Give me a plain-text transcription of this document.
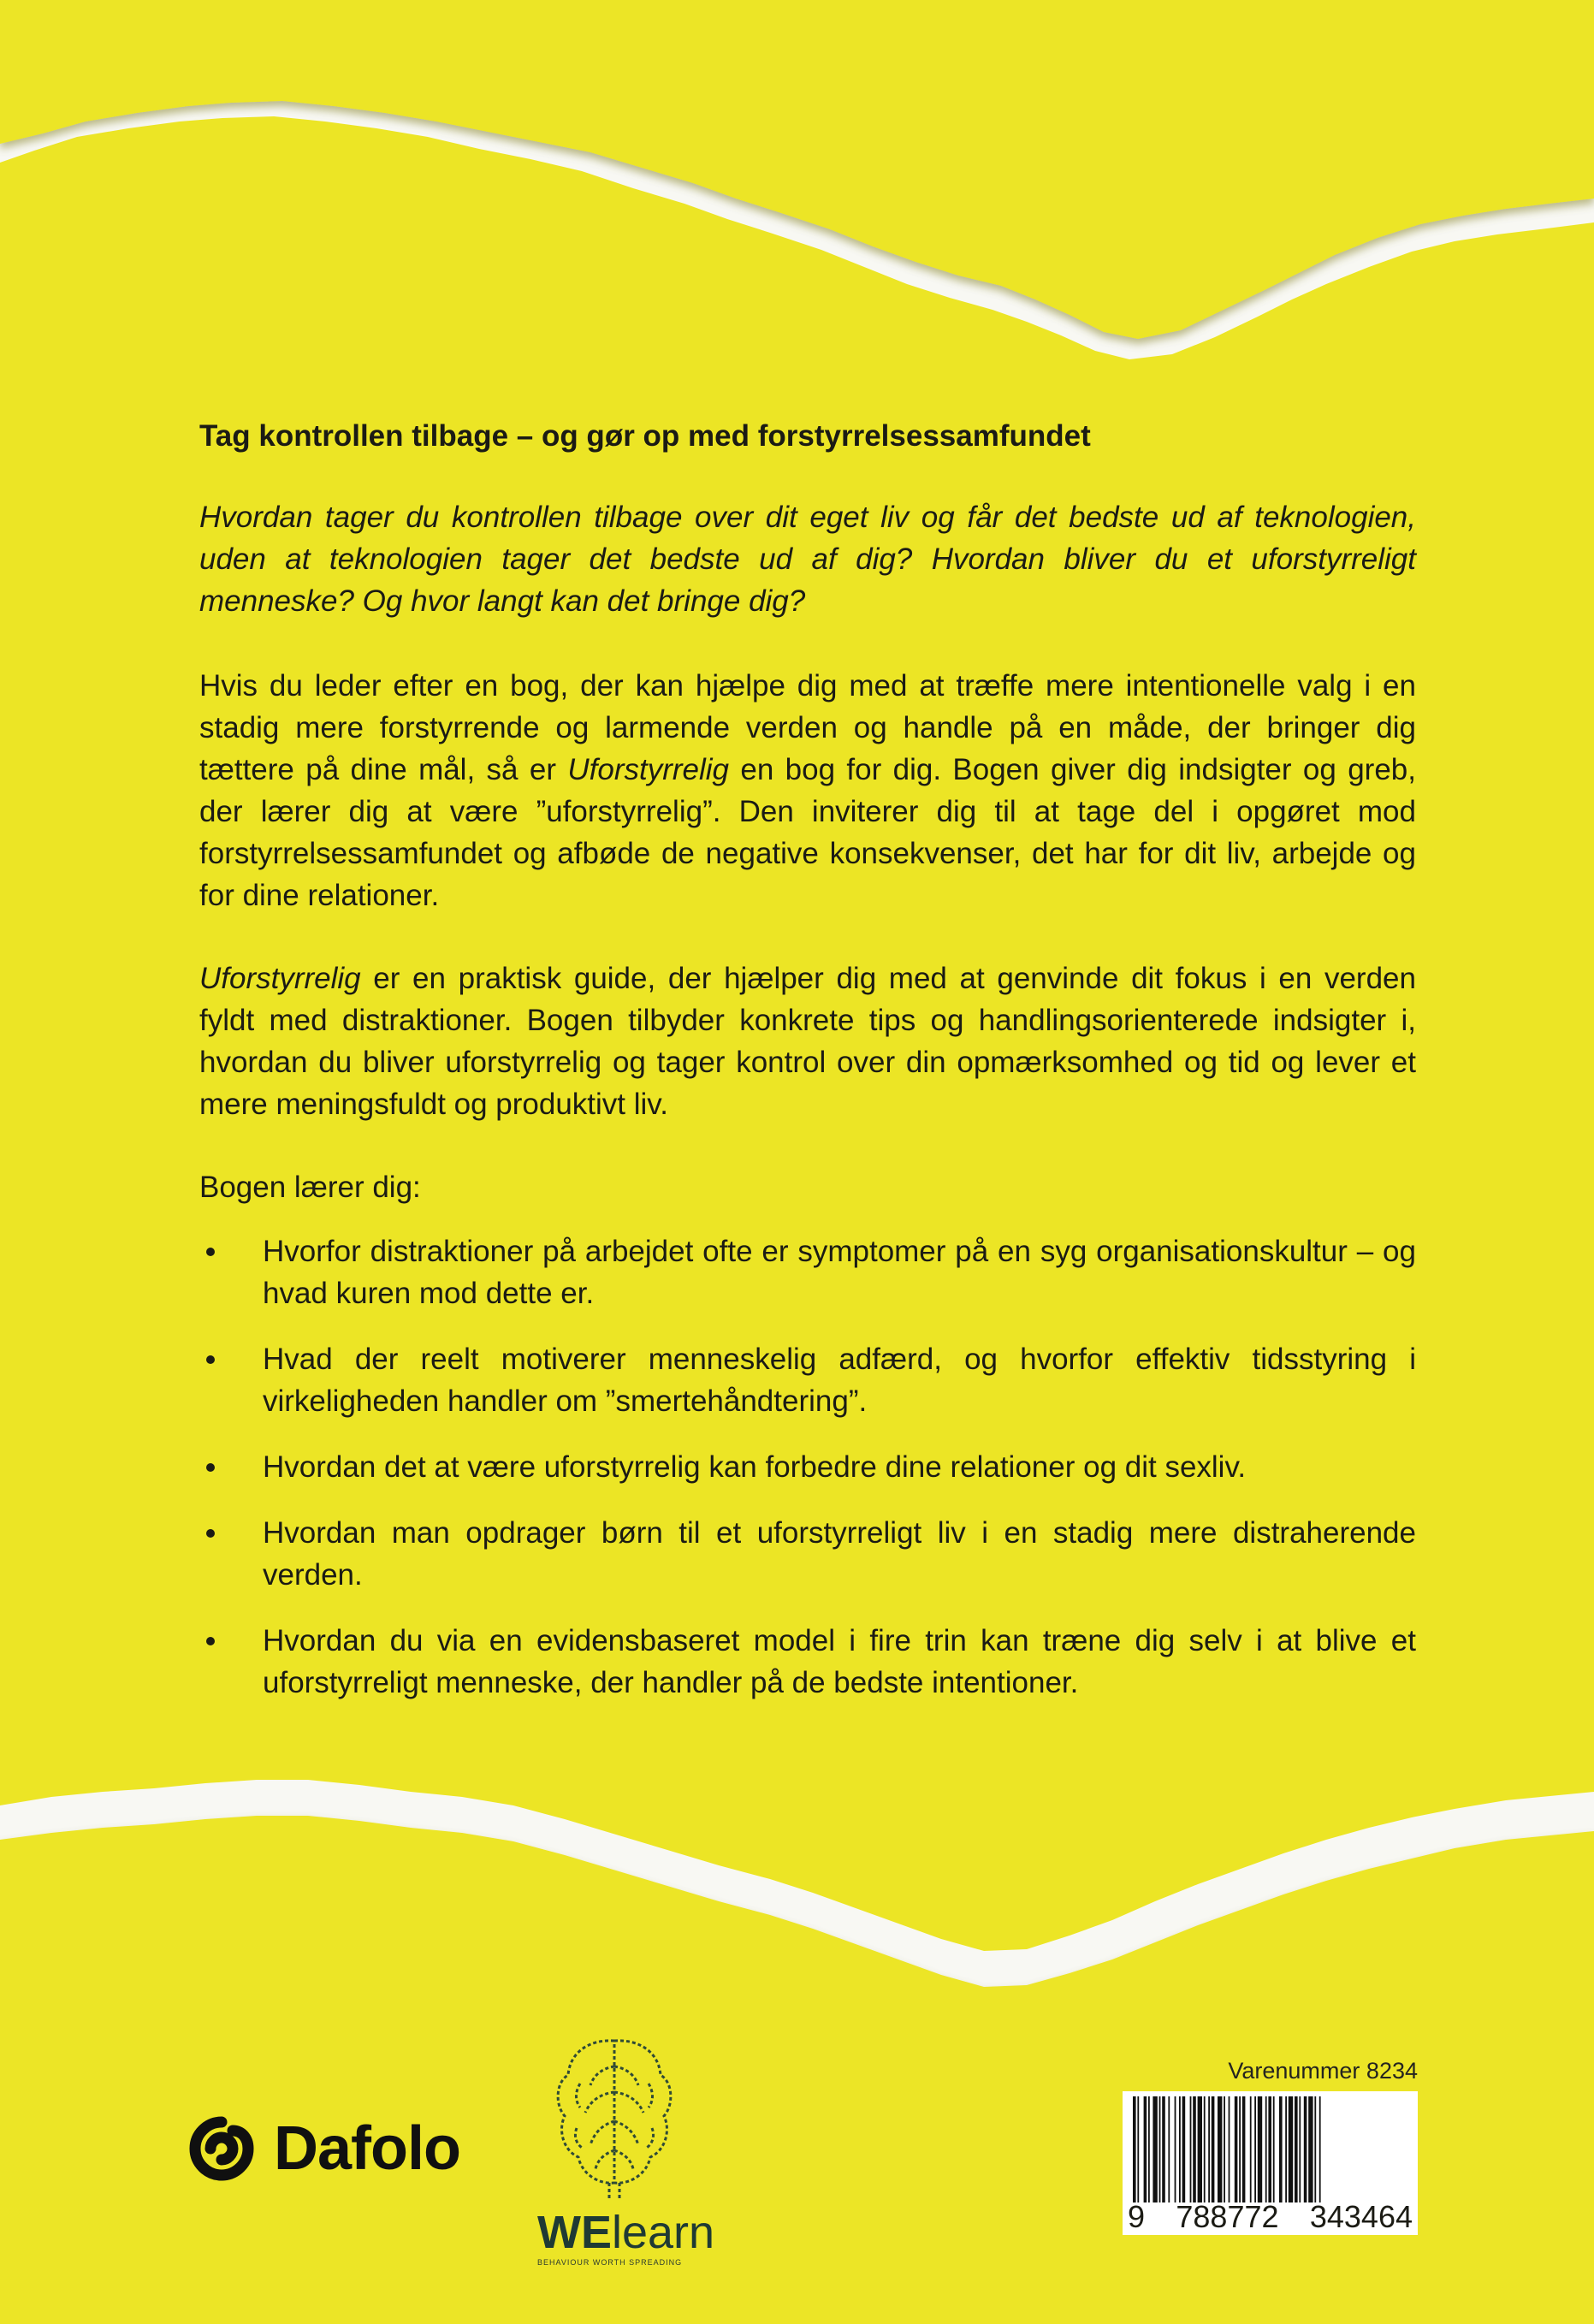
Tag kontrollen tilbage – og gør op med forstyrrelsessamfundet

Hvordan tager du kontrollen tilbage over dit eget liv og får det bedste ud af teknologien, uden at teknologien tager det bedste ud af dig? Hvordan bliver du et uforstyrreligt menneske? Og hvor langt kan det bringe dig?

Hvis du leder efter en bog, der kan hjælpe dig med at træffe mere intentionelle valg i en stadig mere forstyrrende og larmende verden og handle på en måde, der bringer dig tættere på dine mål, så er Uforstyrrelig en bog for dig. Bogen giver dig indsigter og greb, der lærer dig at være ”uforstyrrelig”. Den inviterer dig til at tage del i opgøret mod forstyrrelsessamfundet og afbøde de negative konsekvenser, det har for dit liv, arbejde og for dine relationer.

Uforstyrrelig er en praktisk guide, der hjælper dig med at genvinde dit fokus i en verden fyldt med distraktioner. Bogen tilbyder konkrete tips og handlingsorienterede indsigter i, hvordan du bliver uforstyrrelig og tager kontrol over din opmærksomhed og tid og lever et mere meningsfuldt og produktivt liv.

Bogen lærer dig:

Hvorfor distraktioner på arbejdet ofte er symptomer på en syg organisationskultur – og hvad kuren mod dette er.
Hvad der reelt motiverer menneskelig adfærd, og hvorfor effektiv tidsstyring i virkeligheden handler om ”smertehåndtering”.
Hvordan det at være uforstyrrelig kan forbedre dine relationer og dit sexliv.
Hvordan man opdrager børn til et uforstyrreligt liv i en stadig mere distraherende verden.
Hvordan du via en evidensbaseret model i fire trin kan træne dig selv i at blive et uforstyrreligt menneske, der handler på de bedste intentioner.
Dafolo
WElearn
BEHAVIOUR WORTH SPREADING
Varenummer 8234
9 788772 343464
